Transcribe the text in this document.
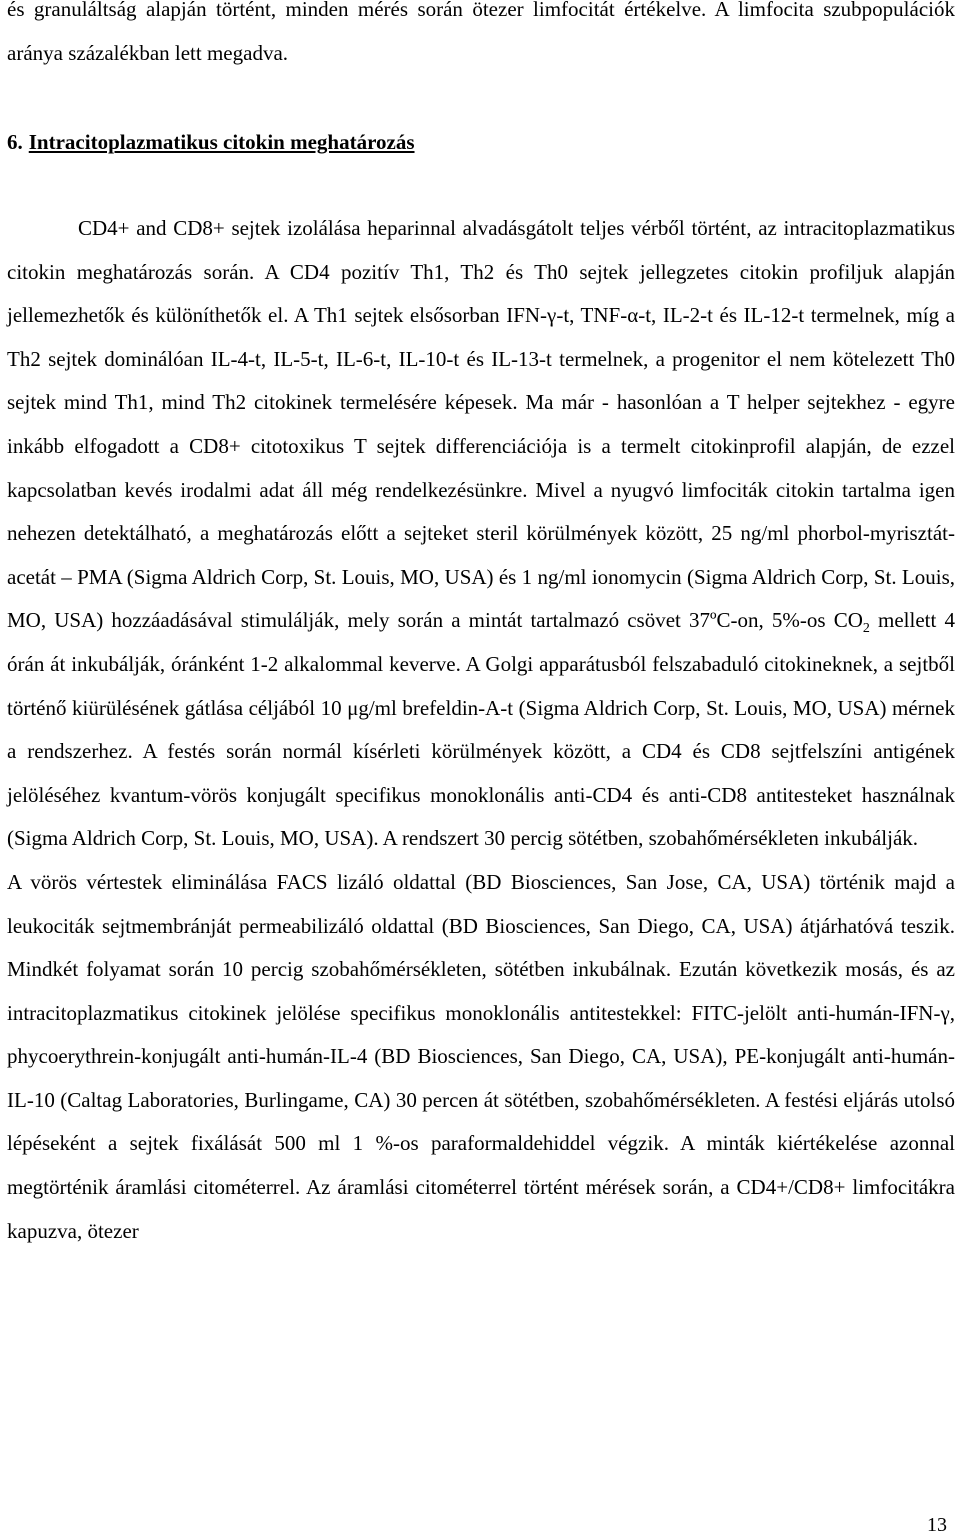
és granuláltság alapján történt, minden mérés során ötezer limfocitát értékelve. A limfocita szubpopulációk aránya százalékban lett megadva.

6. Intracitoplazmatikus citokin meghatározás

CD4+ and CD8+ sejtek izolálása heparinnal alvadásgátolt teljes vérből történt, az intracitoplazmatikus citokin meghatározás során. A CD4 pozitív Th1, Th2 és Th0 sejtek jellegzetes citokin profiljuk alapján jellemezhetők és különíthetők el. A Th1 sejtek elsősorban IFN-γ-t, TNF-α-t, IL-2-t és IL-12-t termelnek, míg a Th2 sejtek dominálóan IL-4-t, IL-5-t, IL-6-t, IL-10-t és IL-13-t termelnek, a progenitor el nem kötelezett Th0 sejtek mind Th1, mind Th2 citokinek termelésére képesek. Ma már - hasonlóan a T helper sejtekhez - egyre inkább elfogadott a CD8+ citotoxikus T sejtek differenciációja is a termelt citokinprofil alapján, de ezzel kapcsolatban kevés irodalmi adat áll még rendelkezésünkre. Mivel a nyugvó limfociták citokin tartalma igen nehezen detektálható, a meghatározás előtt a sejteket steril körülmények között, 25 ng/ml phorbol-myrisztát-acetát – PMA (Sigma Aldrich Corp, St. Louis, MO, USA) és 1 ng/ml ionomycin (Sigma Aldrich Corp, St. Louis, MO, USA) hozzáadásával stimulálják, mely során a mintát tartalmazó csövet 37ºC-on, 5%-os $CO_2$ mellett 4 órán át inkubálják, óránként 1-2 alkalommal keverve. A Golgi apparátusból felszabaduló citokineknek, a sejtből történő kiürülésének gátlása céljából 10 μg/ml brefeldin-A-t (Sigma Aldrich Corp, St. Louis, MO, USA) mérnek a rendszerhez. A festés során normál kísérleti körülmények között, a CD4 és CD8 sejtfelszíni antigének jelöléséhez kvantum-vörös konjugált specifikus monoklonális anti-CD4 és anti-CD8 antitesteket használnak (Sigma Aldrich Corp, St. Louis, MO, USA). A rendszert 30 percig sötétben, szobahőmérsékleten inkubálják.

A vörös vértestek eliminálása FACS lizáló oldattal (BD Biosciences, San Jose, CA, USA) történik majd a leukociták sejtmembránját permeabilizáló oldattal (BD Biosciences, San Diego, CA, USA) átjárhatóvá teszik. Mindkét folyamat során 10 percig szobahőmérsékleten, sötétben inkubálnak. Ezután következik mosás, és az intracitoplazmatikus citokinek jelölése specifikus monoklonális antitestekkel: FITC-jelölt anti-humán-IFN-γ, phycoerythrein-konjugált anti-humán-IL-4 (BD Biosciences, San Diego, CA, USA), PE-konjugált anti-humán-IL-10 (Caltag Laboratories, Burlingame, CA) 30 percen át sötétben, szobahőmérsékleten. A festési eljárás utolsó lépéseként a sejtek fixálását 500 ml 1 %-os paraformaldehiddel végzik. A minták kiértékelése azonnal megtörténik áramlási citométerrel. Az áramlási citométerrel történt mérések során, a CD4+/CD8+ limfocitákra kapuzva, ötezer

13
